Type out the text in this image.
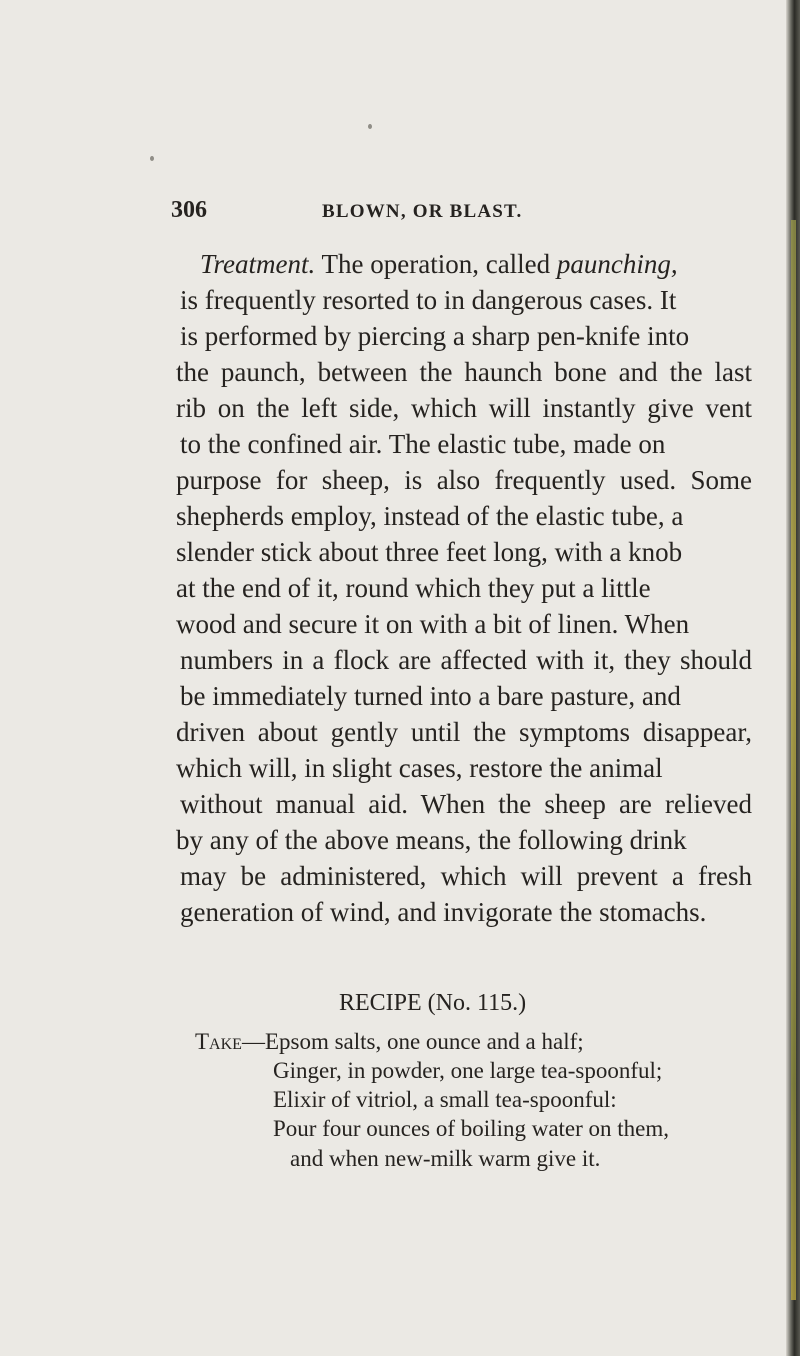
306	BLOWN, OR BLAST.
Treatment. The operation, called paunching,
is frequently resorted to in dangerous cases. It
is performed by piercing a sharp pen-knife into
the paunch, between the haunch bone and the last
rib on the left side, which will instantly give vent
to the confined air. The elastic tube, made on
purpose for sheep, is also frequently used. Some
shepherds employ, instead of the elastic tube, a
slender stick about three feet long, with a knob
at the end of it, round which they put a little
wood and secure it on with a bit of linen. When
numbers in a flock are affected with it, they should
be immediately turned into a bare pasture, and
driven about gently until the symptoms disappear,
which will, in slight cases, restore the animal
without manual aid. When the sheep are relieved
by any of the above means, the following drink
may be administered, which will prevent a fresh
generation of wind, and invigorate the stomachs.
RECIPE (No. 115.)
Take—Epsom salts, one ounce and a half;
Ginger, in powder, one large tea-spoonful;
Elixir of vitriol, a small tea-spoonful:
Pour four ounces of boiling water on them,
and when new-milk warm give it.
